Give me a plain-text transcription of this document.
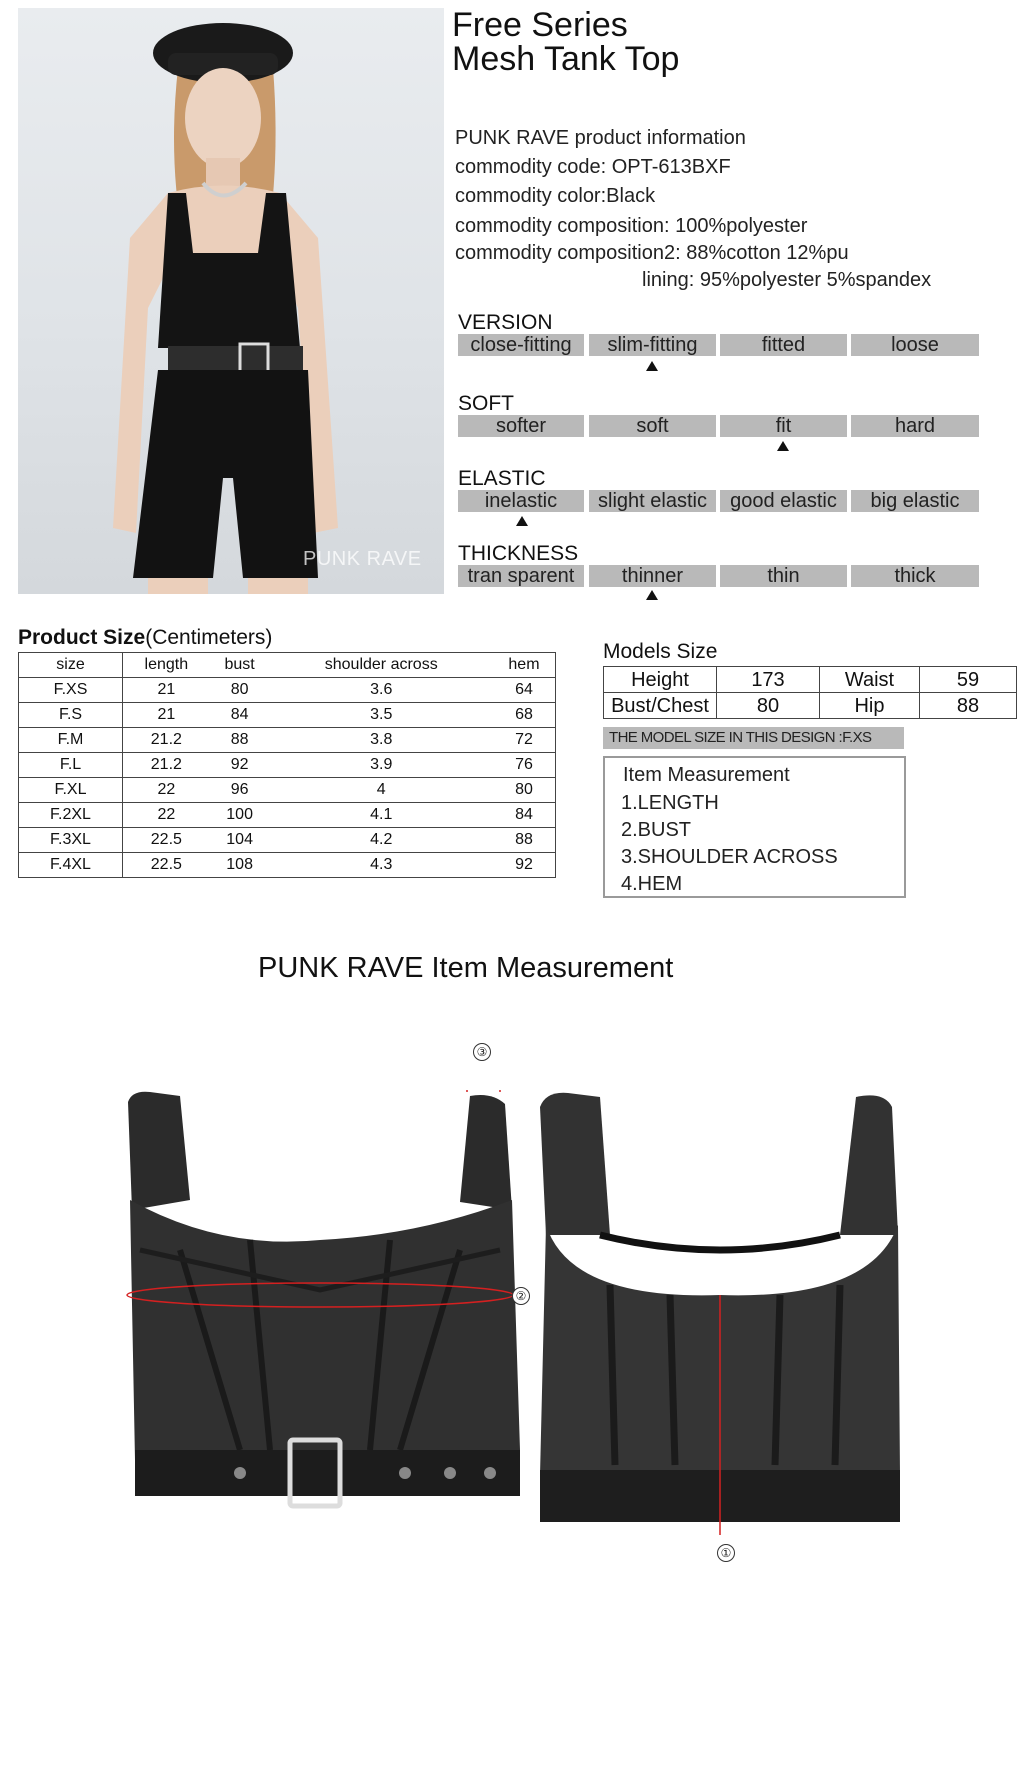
PUNK RAVE
Free Series
Mesh Tank Top
PUNK RAVE product information
commodity code: OPT-613BXF
commodity color:Black
commodity composition: 100%polyester
commodity composition2: 88%cotton 12%pu
lining: 95%polyester 5%spandex
VERSION
close-fitting	slim-fitting	fitted	loose
SOFT
softer	soft	fit	hard
ELASTIC
inelastic	slight elastic	good elastic	big elastic
THICKNESS
tran sparent	thinner	thin	thick
Product Size(Centimeters)
size	length	bust	shoulder across	hem
F.XS	21	80	3.6	64
F.S	21	84	3.5	68
F.M	21.2	88	3.8	72
F.L	21.2	92	3.9	76
F.XL	22	96	4	80
F.2XL	22	100	4.1	84
F.3XL	22.5	104	4.2	88
F.4XL	22.5	108	4.3	92
Models Size
Height	173	Waist	59
Bust/Chest	80	Hip	88
THE MODEL SIZE IN THIS DESIGN :F.XS
Item Measurement
1.LENGTH
2.BUST
3.SHOULDER ACROSS
4.HEM
PUNK RAVE Item Measurement
③
②
①
